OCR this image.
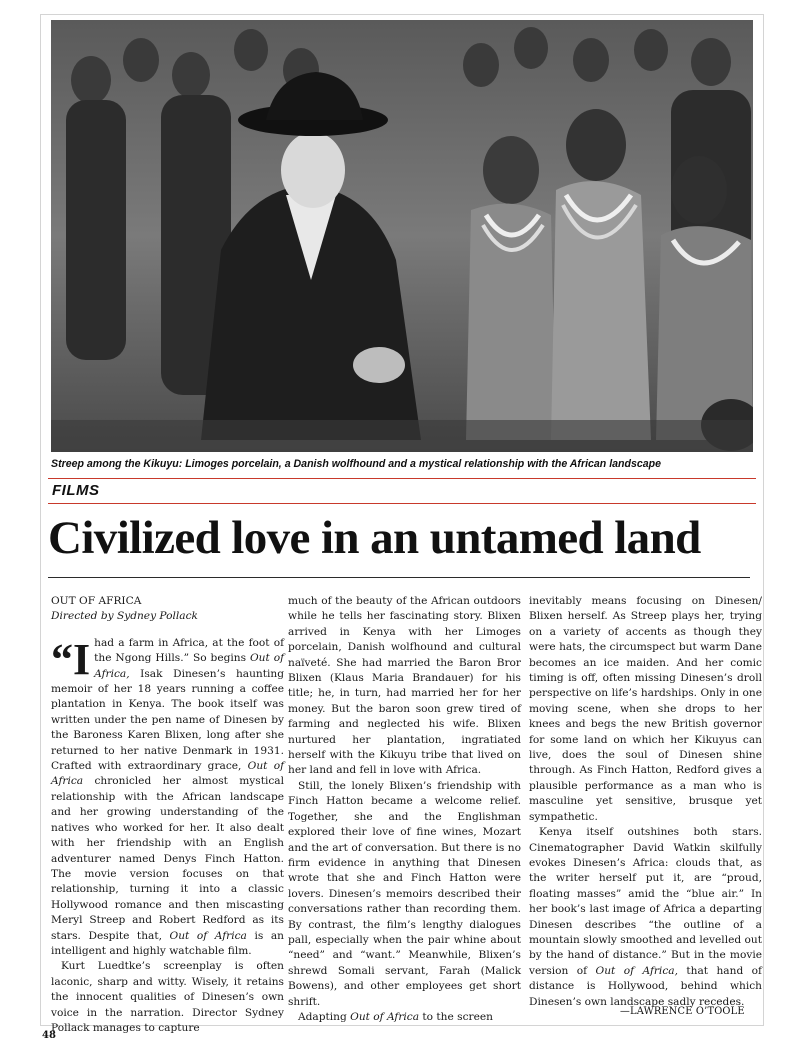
Streep among the Kikuyu: Limoges porcelain, a Danish wolfhound and a mystical relationship with the African landscape
FILMS
Civilized love in an untamed land
OUT OF AFRICA
Directed by Sydney Pollack

“Ihad a farm in Africa, at the foot of the Ngong Hills.” So begins Out of Africa, Isak Dinesen’s haunting memoir of her 18 years running a coffee plantation in Kenya. The book itself was written under the pen name of Dinesen by the Baroness Karen Blixen, long after she returned to her native Denmark in 1931. Crafted with extraordinary grace, Out of Africa chronicled her almost mystical relationship with the African landscape and her growing understanding of the natives who worked for her. It also dealt with her friendship with an English adventurer named Denys Finch Hatton. The movie version focuses on that relationship, turning it into a classic Hollywood romance and then miscasting Meryl Streep and Robert Redford as its stars. Despite that, Out of Africa is an intelligent and highly watchable film.

Kurt Luedtke’s screenplay is often laconic, sharp and witty. Wisely, it retains the innocent qualities of Dinesen’s own voice in the narration. Director Sydney Pollack manages to capture

much of the beauty of the African outdoors while he tells her fascinating story. Blixen arrived in Kenya with her Limoges porcelain, Danish wolfhound and cultural naïveté. She had married the Baron Bror Blixen (Klaus Maria Brandauer) for his title; he, in turn, had married her for her money. But the baron soon grew tired of farming and neglected his wife. Blixen nurtured her plantation, ingratiated herself with the Kikuyu tribe that lived on her land and fell in love with Africa.

Still, the lonely Blixen’s friendship with Finch Hatton became a welcome relief. Together, she and the Englishman explored their love of fine wines, Mozart and the art of conversation. But there is no firm evidence in anything that Dinesen wrote that she and Finch Hatton were lovers. Dinesen’s memoirs described their conversations rather than recording them. By contrast, the film’s lengthy dialogues pall, especially when the pair whine about “need” and “want.” Meanwhile, Blixen’s shrewd Somali servant, Farah (Malick Bowens), and other employees get short shrift.

Adapting Out of Africa to the screen

inevitably means focusing on Dinesen/ Blixen herself. As Streep plays her, trying on a variety of accents as though they were hats, the circumspect but warm Dane becomes an ice maiden. And her comic timing is off, often missing Dinesen’s droll perspective on life’s hardships. Only in one moving scene, when she drops to her knees and begs the new British governor for some land on which her Kikuyus can live, does the soul of Dinesen shine through. As Finch Hatton, Redford gives a plausible performance as a man who is masculine yet sensitive, brusque yet sympathetic.

Kenya itself outshines both stars. Cinematographer David Watkin skilfully evokes Dinesen’s Africa: clouds that, as the writer herself put it, are “proud, floating masses” amid the “blue air.” In her book’s last image of Africa a departing Dinesen describes “the outline of a mountain slowly smoothed and levelled out by the hand of distance.” But in the movie version of Out of Africa, that hand of distance is Hollywood, behind which Dinesen’s own landscape sadly recedes.

—LAWRENCE O’TOOLE
48
